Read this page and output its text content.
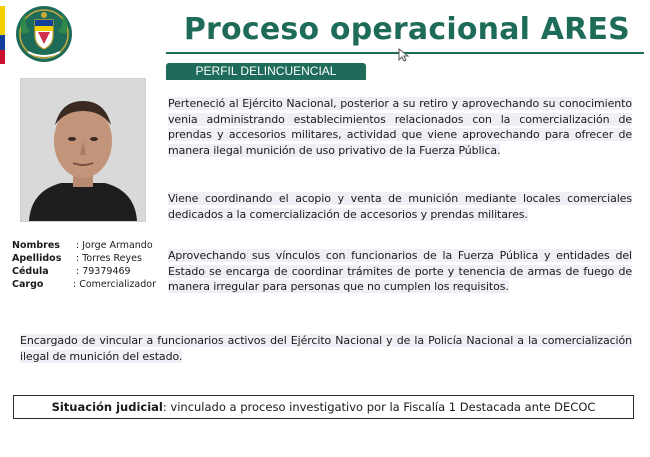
Proceso operacional ARES
PERFIL DELINCUENCIAL
Nombres	: Jorge Armando
Apellidos	: Torres Reyes
Cédula	: 79379469
Cargo	: Comercializador
Perteneció al Ejército Nacional, posterior a su retiro y aprovechando su conocimiento venia administrando establecimientos relacionados con la comercialización de prendas y accesorios militares, actividad que viene aprovechando para ofrecer de manera ilegal munición de uso privativo de la Fuerza Pública.
Viene coordinando el acopio y venta de munición mediante locales comerciales dedicados a la comercialización de accesorios y prendas militares.
Aprovechando sus vínculos con funcionarios de la Fuerza Pública y entidades del Estado se encarga de coordinar trámites de porte y tenencia de armas de fuego de manera irregular para personas que no cumplen los requisitos.
Encargado de vincular a funcionarios activos del Ejército Nacional y de la Policía Nacional a la comercialización ilegal de munición del estado.
Situación judicial: vinculado a proceso investigativo por la Fiscalía 1 Destacada ante DECOC
